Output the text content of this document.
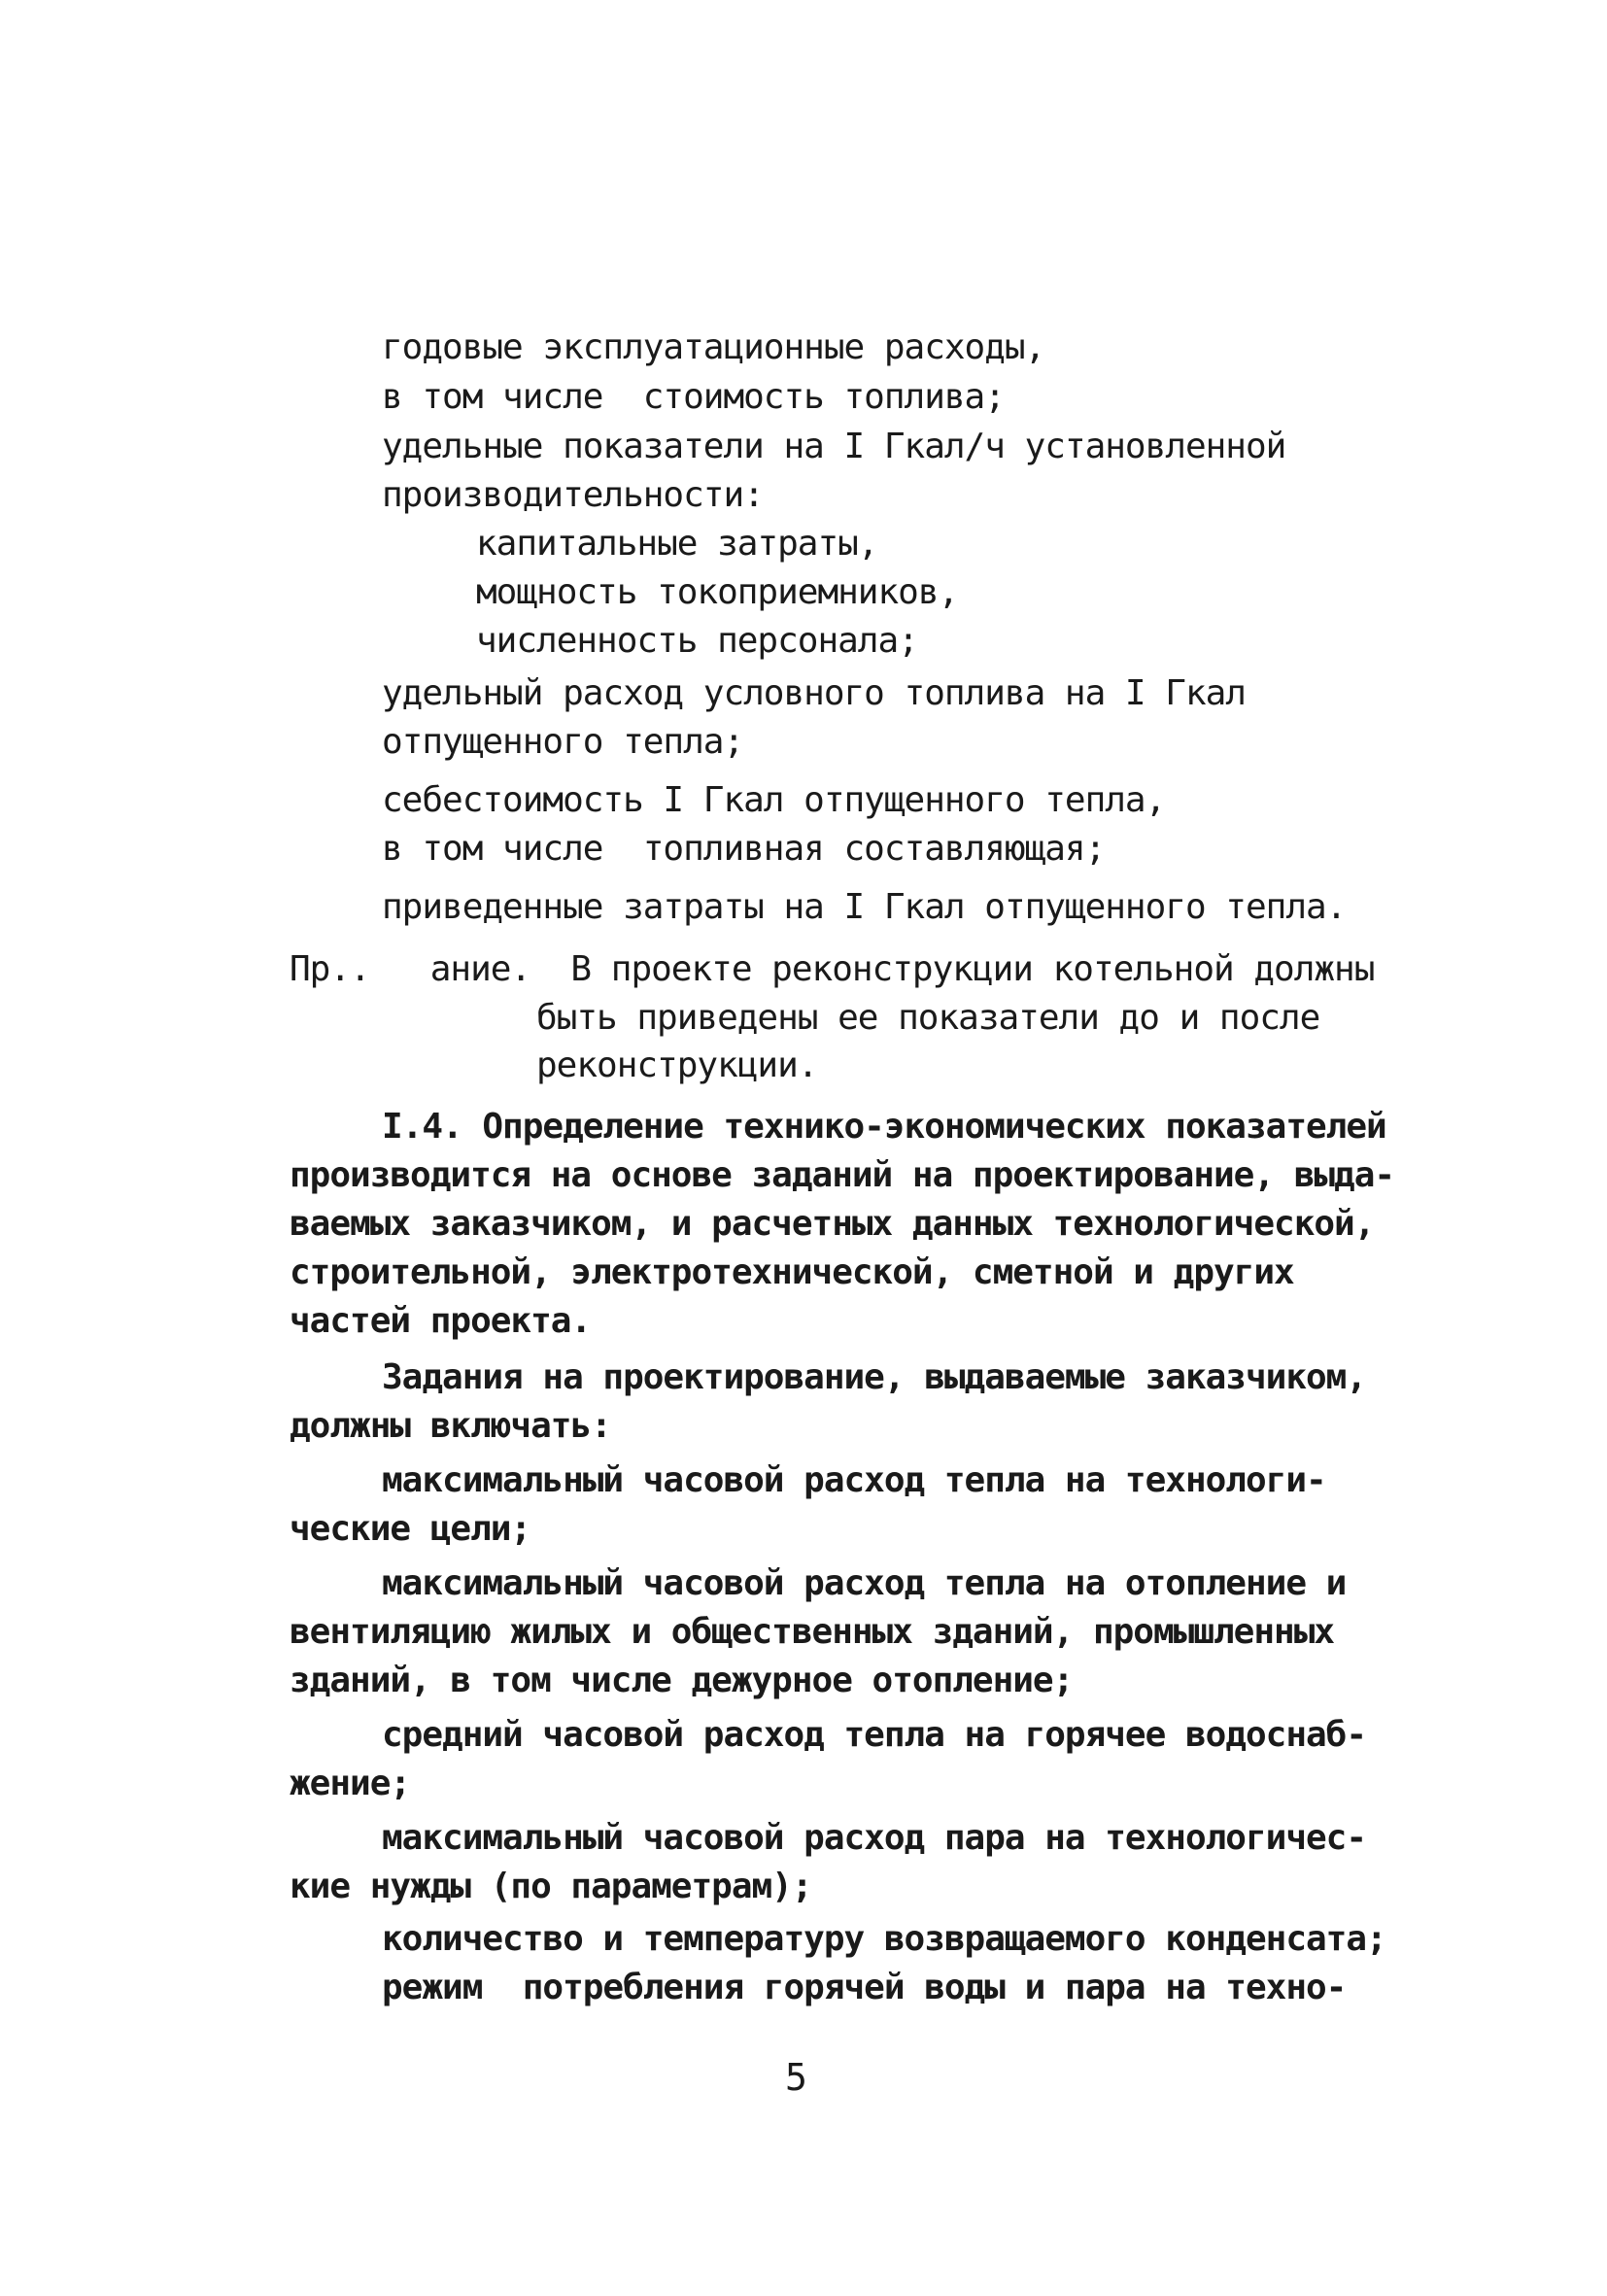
годовые эксплуатационные расходы,
в том числе  стоимость топлива;
удельные показатели на I Гкал/ч установленной
производительности:
капитальные затраты,
мощность токоприемников,
численность персонала;
удельный расход условного топлива на I Гкал
отпущенного тепла;
себестоимость I Гкал отпущенного тепла,
в том числе  топливная составляющая;
приведенные затраты на I Гкал отпущенного тепла.
Пр..   ание.  В проекте реконструкции котельной должны
быть приведены ее показатели до и после
реконструкции.
I.4. Определение технико-экономических показателей
производится на основе заданий на проектирование, выда-
ваемых заказчиком, и расчетных данных технологической,
строительной, электротехнической, сметной и других
частей проекта.
Задания на проектирование, выдаваемые заказчиком,
должны включать:
максимальный часовой расход тепла на технологи-
ческие цели;
максимальный часовой расход тепла на отопление и
вентиляцию жилых и общественных зданий, промышленных
зданий, в том числе дежурное отопление;
средний часовой расход тепла на горячее водоснаб-
жение;
максимальный часовой расход пара на технологичес-
кие нужды (по параметрам);
количество и температуру возвращаемого конденсата;
режим  потребления горячей воды и пара на техно-
5
